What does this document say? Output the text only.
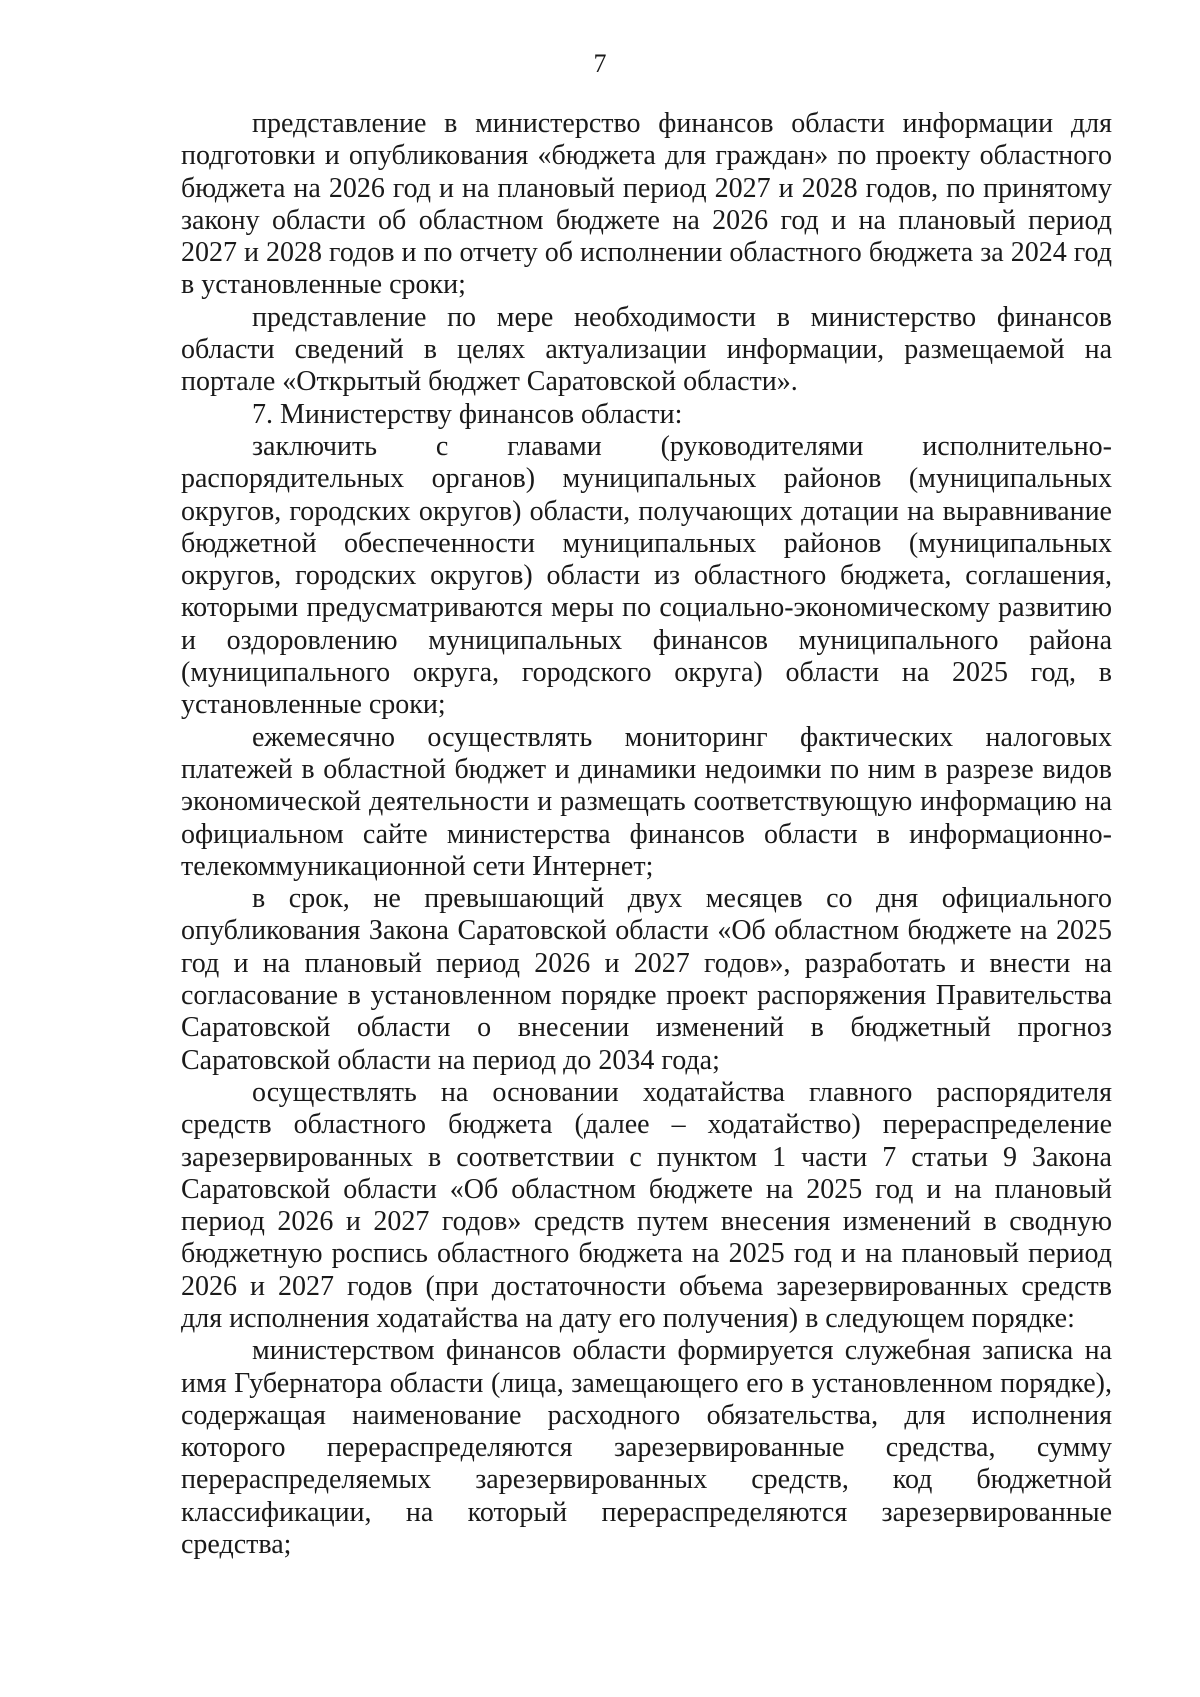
7

представление в министерство финансов области информации для подготовки и опубликования «бюджета для граждан» по проекту областного бюджета на 2026 год и на плановый период 2027 и 2028 годов, по принятому закону области об областном бюджете на 2026 год и на плановый период 2027 и 2028 годов и по отчету об исполнении областного бюджета за 2024 год в установленные сроки;

представление по мере необходимости в министерство финансов области сведений в целях актуализации информации, размещаемой на портале «Открытый бюджет Саратовской области».

7. Министерству финансов области:

заключить с главами (руководителями исполнительно-распорядительных органов) муниципальных районов (муниципальных округов, городских округов) области, получающих дотации на выравнивание бюджетной обеспеченности муниципальных районов (муниципальных округов, городских округов) области из областного бюджета, соглашения, которыми предусматриваются меры по социально-экономическому развитию и оздоровлению муниципальных финансов муниципального района (муниципального округа, городского округа) области на 2025 год, в установленные сроки;

ежемесячно осуществлять мониторинг фактических налоговых платежей в областной бюджет и динамики недоимки по ним в разрезе видов экономической деятельности и размещать соответствующую информацию на официальном сайте министерства финансов области в информационно-телекоммуникационной сети Интернет;

в срок, не превышающий двух месяцев со дня официального опубликования Закона Саратовской области «Об областном бюджете на 2025 год и на плановый период 2026 и 2027 годов», разработать и внести на согласование в установленном порядке проект распоряжения Правительства Саратовской области о внесении изменений в бюджетный прогноз Саратовской области на период до 2034 года;

осуществлять на основании ходатайства главного распорядителя средств областного бюджета (далее – ходатайство) перераспределение зарезервированных в соответствии с пунктом 1 части 7 статьи 9 Закона Саратовской области «Об областном бюджете на 2025 год и на плановый период 2026 и 2027 годов» средств путем внесения изменений в сводную бюджетную роспись областного бюджета на 2025 год и на плановый период 2026 и 2027 годов (при достаточности объема зарезервированных средств для исполнения ходатайства на дату его получения) в следующем порядке:

министерством финансов области формируется служебная записка на имя Губернатора области (лица, замещающего его в установленном порядке), содержащая наименование расходного обязательства, для исполнения которого перераспределяются зарезервированные средства, сумму перераспределяемых зарезервированных средств, код бюджетной классификации, на который перераспределяются зарезервированные средства;
